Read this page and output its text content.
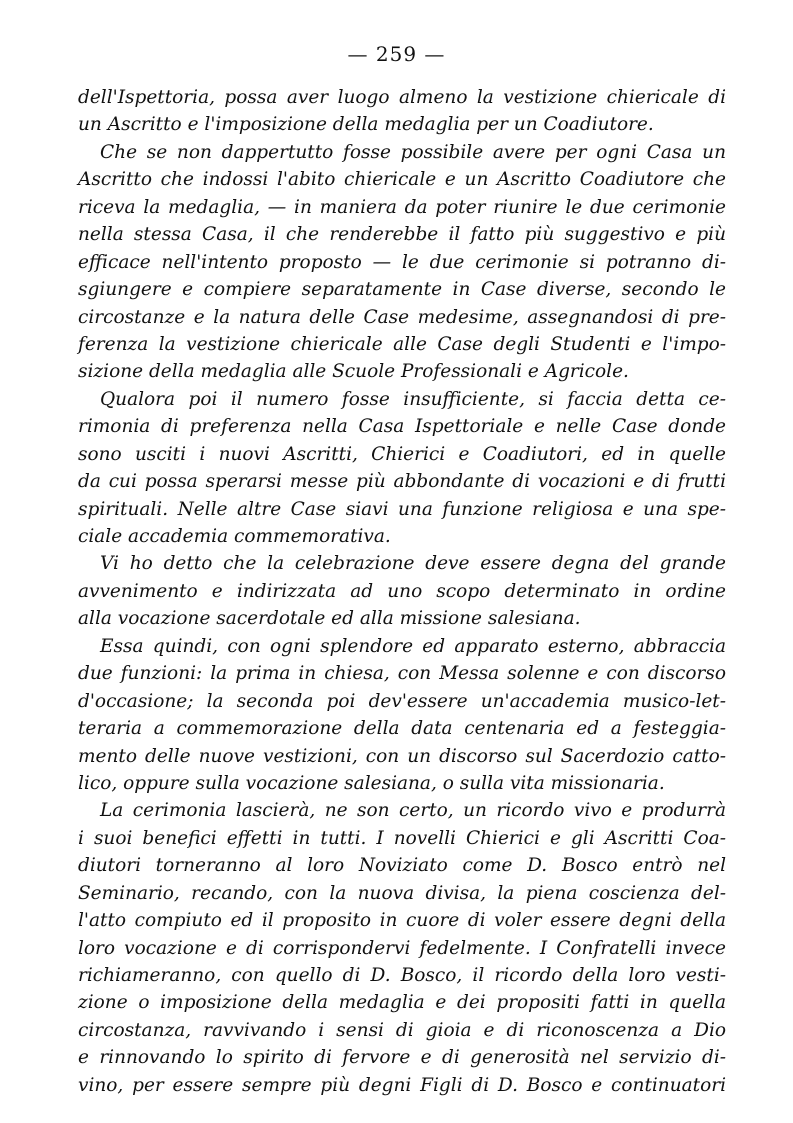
— 259 —
dell'Ispettoria, possa aver luogo almeno la vestizione chiericale di
un Ascritto e l'imposizione della medaglia per un Coadiutore.
Che se non dappertutto fosse possibile avere per ogni Casa un
Ascritto che indossi l'abito chiericale e un Ascritto Coadiutore che
riceva la medaglia, — in maniera da poter riunire le due cerimonie
nella stessa Casa, il che renderebbe il fatto più suggestivo e più
efficace nell'intento proposto — le due cerimonie si potranno di-
sgiungere e compiere separatamente in Case diverse, secondo le
circostanze e la natura delle Case medesime, assegnandosi di pre-
ferenza la vestizione chiericale alle Case degli Studenti e l'impo-
sizione della medaglia alle Scuole Professionali e Agricole.
Qualora poi il numero fosse insufficiente, si faccia detta ce-
rimonia di preferenza nella Casa Ispettoriale e nelle Case donde
sono usciti i nuovi Ascritti, Chierici e Coadiutori, ed in quelle
da cui possa sperarsi messe più abbondante di vocazioni e di frutti
spirituali. Nelle altre Case siavi una funzione religiosa e una spe-
ciale accademia commemorativa.
Vi ho detto che la celebrazione deve essere degna del grande
avvenimento e indirizzata ad uno scopo determinato in ordine
alla vocazione sacerdotale ed alla missione salesiana.
Essa quindi, con ogni splendore ed apparato esterno, abbraccia
due funzioni: la prima in chiesa, con Messa solenne e con discorso
d'occasione; la seconda poi dev'essere un'accademia musico-let-
teraria a commemorazione della data centenaria ed a festeggia-
mento delle nuove vestizioni, con un discorso sul Sacerdozio catto-
lico, oppure sulla vocazione salesiana, o sulla vita missionaria.
La cerimonia lascierà, ne son certo, un ricordo vivo e produrrà
i suoi benefici effetti in tutti. I novelli Chierici e gli Ascritti Coa-
diutori torneranno al loro Noviziato come D. Bosco entrò nel
Seminario, recando, con la nuova divisa, la piena coscienza del-
l'atto compiuto ed il proposito in cuore di voler essere degni della
loro vocazione e di corrispondervi fedelmente. I Confratelli invece
richiameranno, con quello di D. Bosco, il ricordo della loro vesti-
zione o imposizione della medaglia e dei propositi fatti in quella
circostanza, ravvivando i sensi di gioia e di riconoscenza a Dio
e rinnovando lo spirito di fervore e di generosità nel servizio di-
vino, per essere sempre più degni Figli di D. Bosco e continuatori
